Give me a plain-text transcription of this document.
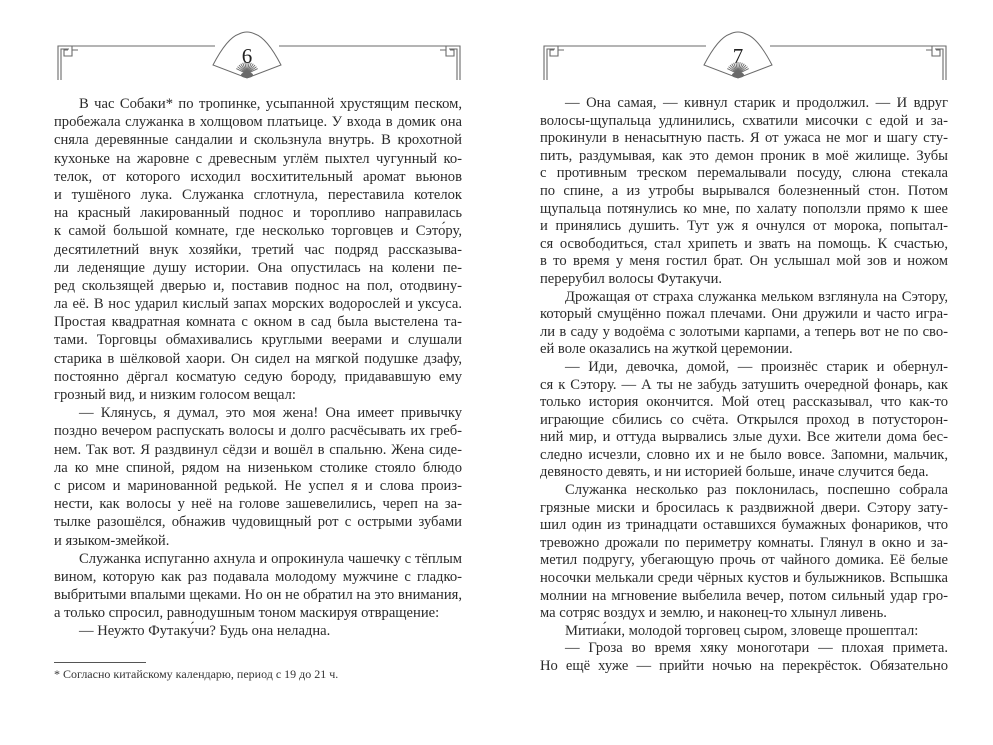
6
В час Собаки* по тропинке, усыпанной хрустящим песком,
пробежала служанка в холщовом платьице. У входа в домик она
сняла деревянные сандалии и скользнула внутрь. В крохотной
кухоньке на жаровне с древесным углём пыхтел чугунный ко-
телок, от которого исходил восхитительный аромат вьюнов
и тушёного лука. Служанка сглотнула, переставила котелок
на красный лакированный поднос и торопливо направилась
к самой большой комнате, где несколько торговцев и Сэто́ру,
десятилетний внук хозяйки, третий час подряд рассказыва-
ли леденящие душу истории. Она опустилась на колени пе-
ред скользящей дверью и, поставив поднос на пол, отодвину-
ла её. В нос ударил кислый запах морских водорослей и уксуса.
Простая квадратная комната с окном в сад была выстелена та-
тами. Торговцы обмахивались круглыми веерами и слушали
старика в шёлковой хаори. Он сидел на мягкой подушке дзафу,
постоянно дёргал косматую седую бороду, придававшую ему
грозный вид, и низким голосом вещал:
— Клянусь, я думал, это моя жена! Она имеет привычку
поздно вечером распускать волосы и долго расчёсывать их греб-
нем. Так вот. Я раздвинул сёдзи и вошёл в спальню. Жена сиде-
ла ко мне спиной, рядом на низеньком столике стояло блюдо
с рисом и маринованной редькой. Не успел я и слова произ-
нести, как волосы у неё на голове зашевелились, череп на за-
тылке разошёлся, обнажив чудовищный рот с острыми зубами
и языком-змейкой.
Служанка испуганно ахнула и опрокинула чашечку с тёплым
вином, которую как раз подавала молодому мужчине с гладко-
выбритыми впалыми щеками. Но он не обратил на это внимания,
а только спросил, равнодушным тоном маскируя отвращение:
— Неужто Футаку́чи? Будь она неладна.
* Согласно китайскому календарю, период с 19 до 21 ч.
7
— Она самая, — кивнул старик и продолжил. — И вдруг
волосы-щупальца удлинились, схватили мисочки с едой и за-
прокинули в ненасытную пасть. Я от ужаса не мог и шагу сту-
пить, раздумывая, как это демон проник в моё жилище. Зубы
с противным треском перемалывали посуду, слюна стекала
по спине, а из утробы вырывался болезненный стон. Потом
щупальца потянулись ко мне, по халату поползли прямо к шее
и принялись душить. Тут уж я очнулся от морока, попытал-
ся освободиться, стал хрипеть и звать на помощь. К счастью,
в то время у меня гостил брат. Он услышал мой зов и ножом
перерубил волосы Футакучи.
Дрожащая от страха служанка мельком взглянула на Сэтору,
который смущённо пожал плечами. Они дружили и часто игра-
ли в саду у водоёма с золотыми карпами, а теперь вот не по сво-
ей воле оказались на жуткой церемонии.
— Иди, девочка, домой, — произнёс старик и обернул-
ся к Сэтору. — А ты не забудь затушить очередной фонарь, как
только история окончится. Мой отец рассказывал, что как-то
играющие сбились со счёта. Открылся проход в потусторон-
ний мир, и оттуда вырвались злые духи. Все жители дома бес-
следно исчезли, словно их и не было вовсе. Запомни, мальчик,
девяносто девять, и ни историей больше, иначе случится беда.
Служанка несколько раз поклонилась, поспешно собрала
грязные миски и бросилась к раздвижной двери. Сэтору зату-
шил один из тринадцати оставшихся бумажных фонариков, что
тревожно дрожали по периметру комнаты. Глянул в окно и за-
метил подругу, убегающую прочь от чайного домика. Её белые
носочки мелькали среди чёрных кустов и булыжников. Вспышка
молнии на мгновение выбелила вечер, потом сильный удар гро-
ма сотряс воздух и землю, и наконец-то хлынул ливень.
Митиа́ки, молодой торговец сыром, зловеще прошептал:
— Гроза во время хяку моноготари — плохая примета.
Но ещё хуже — прийти ночью на перекрёсток. Обязательно
